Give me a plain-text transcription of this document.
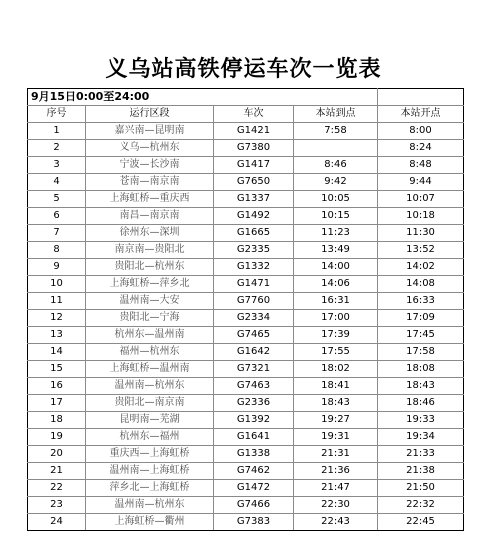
义乌站高铁停运车次一览表
9月15日0:00至24:00				
序号	运行区段	车次	本站到点	本站开点
1	嘉兴南—昆明南	G1421	7:58	8:00
2	义乌—杭州东	G7380		8:24
3	宁波—长沙南	G1417	8:46	8:48
4	苍南—南京南	G7650	9:42	9:44
5	上海虹桥—重庆西	G1337	10:05	10:07
6	南昌—南京南	G1492	10:15	10:18
7	徐州东—深圳	G1665	11:23	11:30
8	南京南—贵阳北	G2335	13:49	13:52
9	贵阳北—杭州东	G1332	14:00	14:02
10	上海虹桥—萍乡北	G1471	14:06	14:08
11	温州南—大安	G7760	16:31	16:33
12	贵阳北—宁海	G2334	17:00	17:09
13	杭州东—温州南	G7465	17:39	17:45
14	福州—杭州东	G1642	17:55	17:58
15	上海虹桥—温州南	G7321	18:02	18:08
16	温州南—杭州东	G7463	18:41	18:43
17	贵阳北—南京南	G2336	18:43	18:46
18	昆明南—芜湖	G1392	19:27	19:33
19	杭州东—福州	G1641	19:31	19:34
20	重庆西—上海虹桥	G1338	21:31	21:33
21	温州南—上海虹桥	G7462	21:36	21:38
22	萍乡北—上海虹桥	G1472	21:47	21:50
23	温州南—杭州东	G7466	22:30	22:32
24	上海虹桥—衢州	G7383	22:43	22:45
